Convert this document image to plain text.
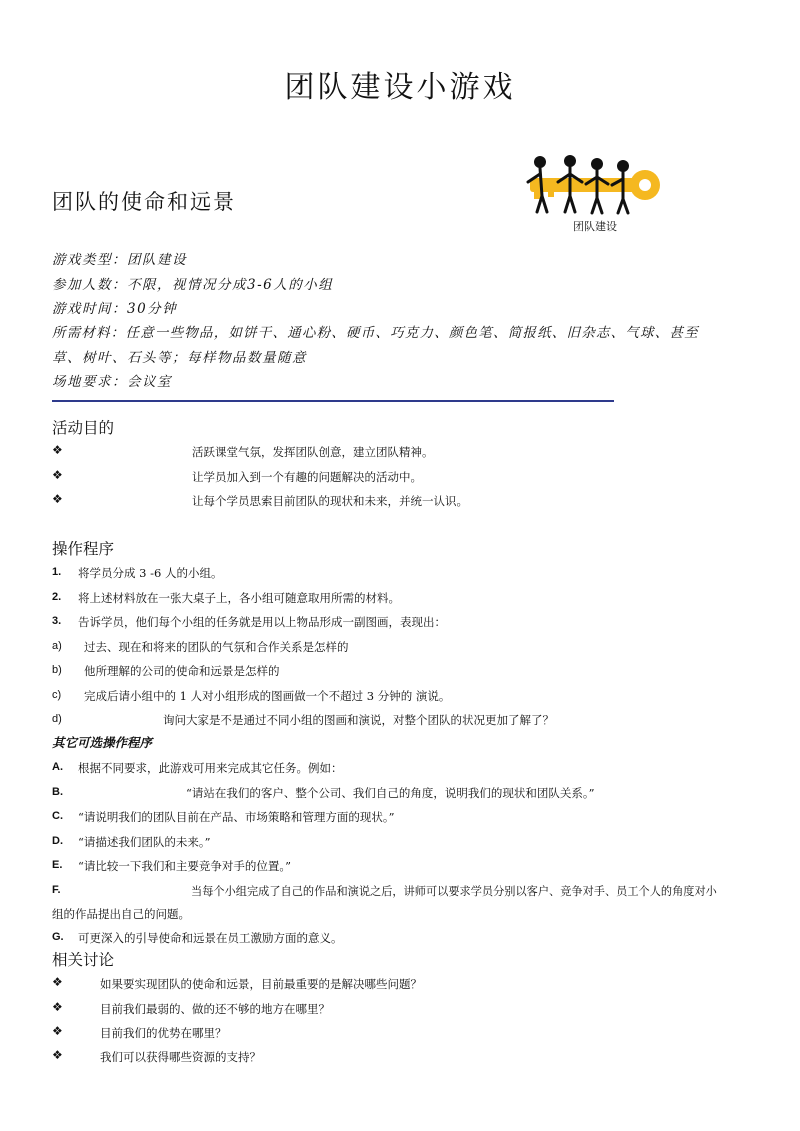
团队建设小游戏
团队的使命和远景
团队建设
游戏类型：团队建设
参加人数：不限，视情况分成3-6人的小组
游戏时间：30分钟
所需材料：任意一些物品，如饼干、通心粉、硬币、巧克力、颜色笔、简报纸、旧杂志、气球、甚至
草、树叶、石头等；每样物品数量随意
场地要求：会议室
活动目的
❖	活跃课堂气氛，发挥团队创意，建立团队精神。
❖	让学员加入到一个有趣的问题解决的活动中。
❖	让每个学员思索目前团队的现状和未来，并统一认识。
操作程序
1. 将学员分成 3 -6 人的小组。
2. 将上述材料放在一张大桌子上，各小组可随意取用所需的材料。
3. 告诉学员，他们每个小组的任务就是用以上物品形成一副图画，表现出：
a) 过去、现在和将来的团队的气氛和合作关系是怎样的
b) 他所理解的公司的使命和远景是怎样的
c) 完成后请小组中的 1 人对小组形成的图画做一个不超过 3 分钟的 演说。
d)	询问大家是不是通过不同小组的图画和演说，对整个团队的状况更加了解了？
其它可选操作程序
A. 根据不同要求，此游戏可用来完成其它任务。例如：
B.	“请站在我们的客户、整个公司、我们自己的角度，说明我们的现状和团队关系。”
C. “请说明我们的团队目前在产品、市场策略和管理方面的现状。”
D. “请描述我们团队的未来。”
E. “请比较一下我们和主要竞争对手的位置。”
F.	当每个小组完成了自己的作品和演说之后，讲师可以要求学员分别以客户、竞争对手、员工个人的角度对小
组的作品提出自己的问题。
G. 可更深入的引导使命和远景在员工激励方面的意义。
相关讨论
❖	如果要实现团队的使命和远景，目前最重要的是解决哪些问题？
❖	目前我们最弱的、做的还不够的地方在哪里？
❖	目前我们的优势在哪里？
❖	我们可以获得哪些资源的支持？
